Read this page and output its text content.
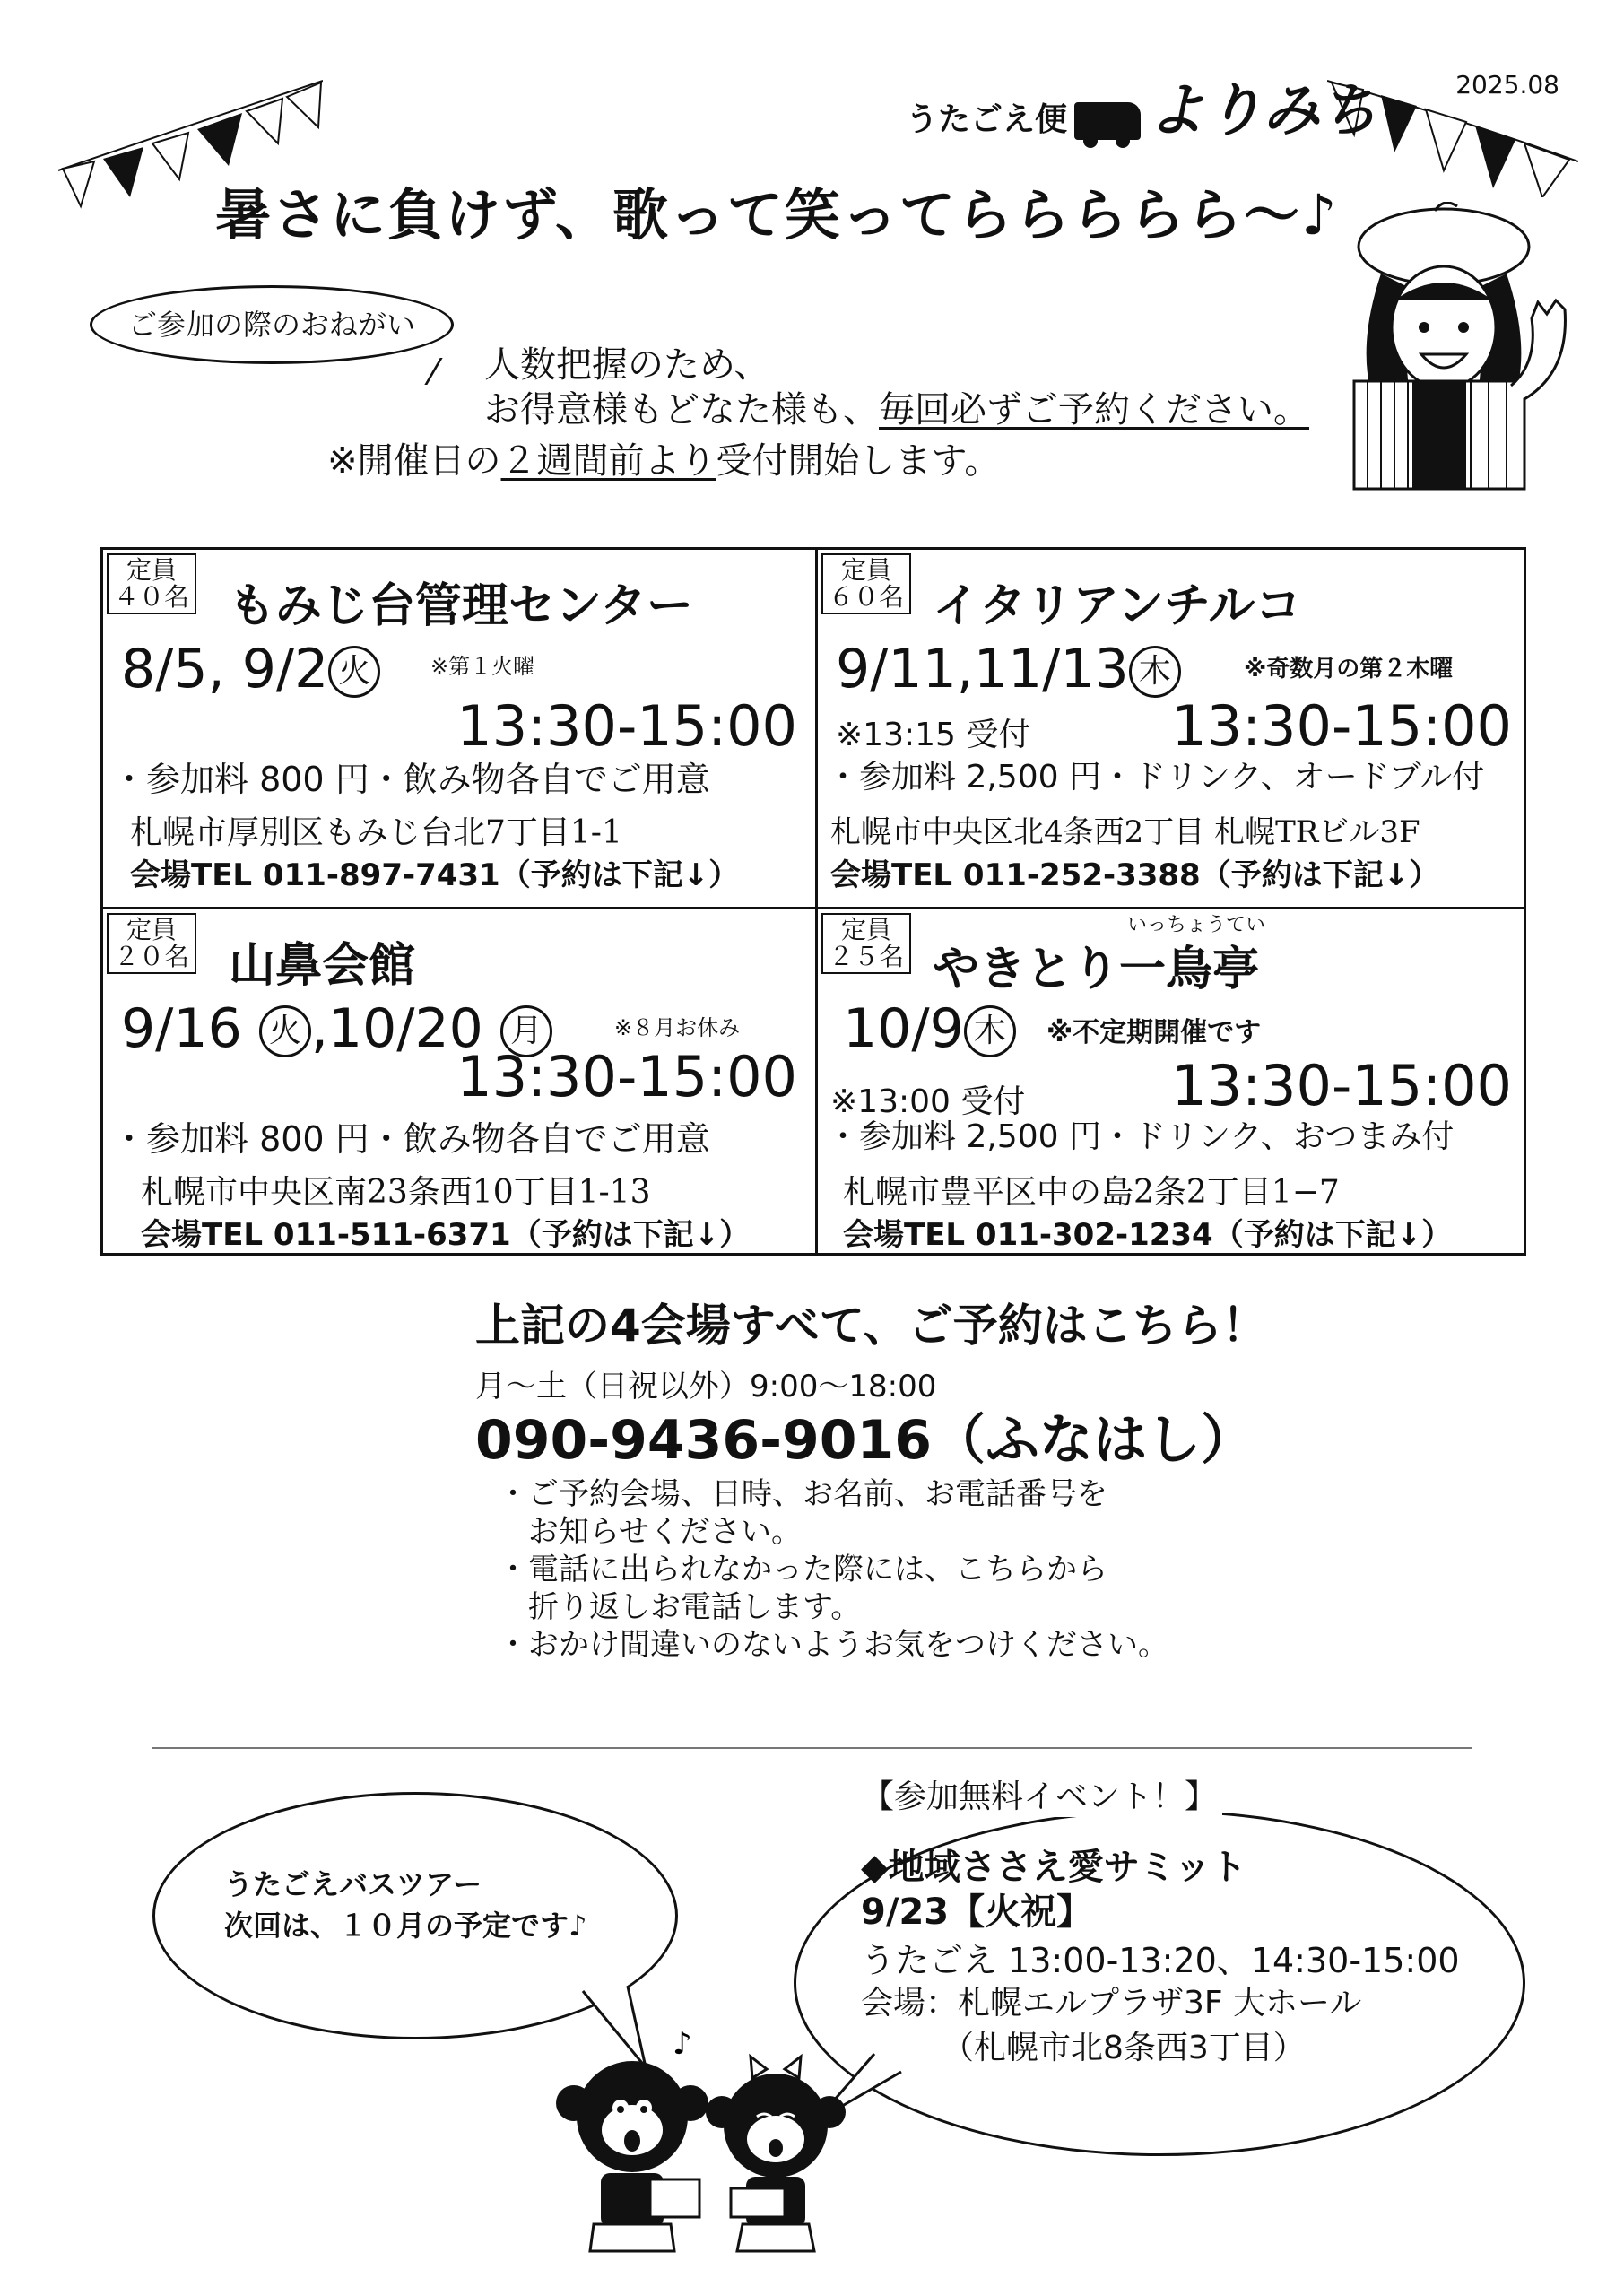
2025.08
うたごえ便 よりみち
暑さに負けず、歌って笑ってららららら～♪
ご参加の際のおねがい
人数把握のため、
お得意様もどなた様も、毎回必ずご予約ください。
※開催日の２週間前より受付開始します。
定員
４０名 もみじ台管理センター
8/5, 9/2 火	※第１火曜
13:30-15:00
・参加料 800 円・飲み物各自でご用意
札幌市厚別区もみじ台北7丁目1-1
会場TEL 011-897-7431（予約は下記↓）
定員
６０名 イタリアンチルコ
9/11,11/13 木	※奇数月の第２木曜
13:30-15:00
※13:15 受付
・参加料 2,500 円・ドリンク、オードブル付
札幌市中央区北4条西2丁目 札幌TRビル3F
会場TEL 011-252-3388（予約は下記↓）
定員
２０名 山鼻会館
9/16 火 ,10/20 月	※８月お休み
13:30-15:00
・参加料 800 円・飲み物各自でご用意
札幌市中央区南23条西10丁目1-13
会場TEL 011-511-6371（予約は下記↓）
定員
２５名
いっちょうてい
やきとり一鳥亭
10/9 木	※不定期開催です
13:30-15:00
※13:00 受付
・参加料 2,500 円・ドリンク、おつまみ付
札幌市豊平区中の島2条2丁目1−7
会場TEL 011-302-1234（予約は下記↓）
上記の4会場すべて、ご予約はこちら！
月～土（日祝以外）9:00～18:00
090-9436-9016（ふなはし）
・ご予約会場、日時、お名前、お電話番号を
　お知らせください。
・電話に出られなかった際には、こちらから
　折り返しお電話します。
・おかけ間違いのないようお気をつけください。
うたごえバスツアー
次回は、１０月の予定です♪
【参加無料イベント！】
◆地域ささえ愛サミット
9/23【火祝】
うたごえ 13:00-13:20、14:30-15:00
会場：札幌エルプラザ3F 大ホール
（札幌市北8条西3丁目）
♪
